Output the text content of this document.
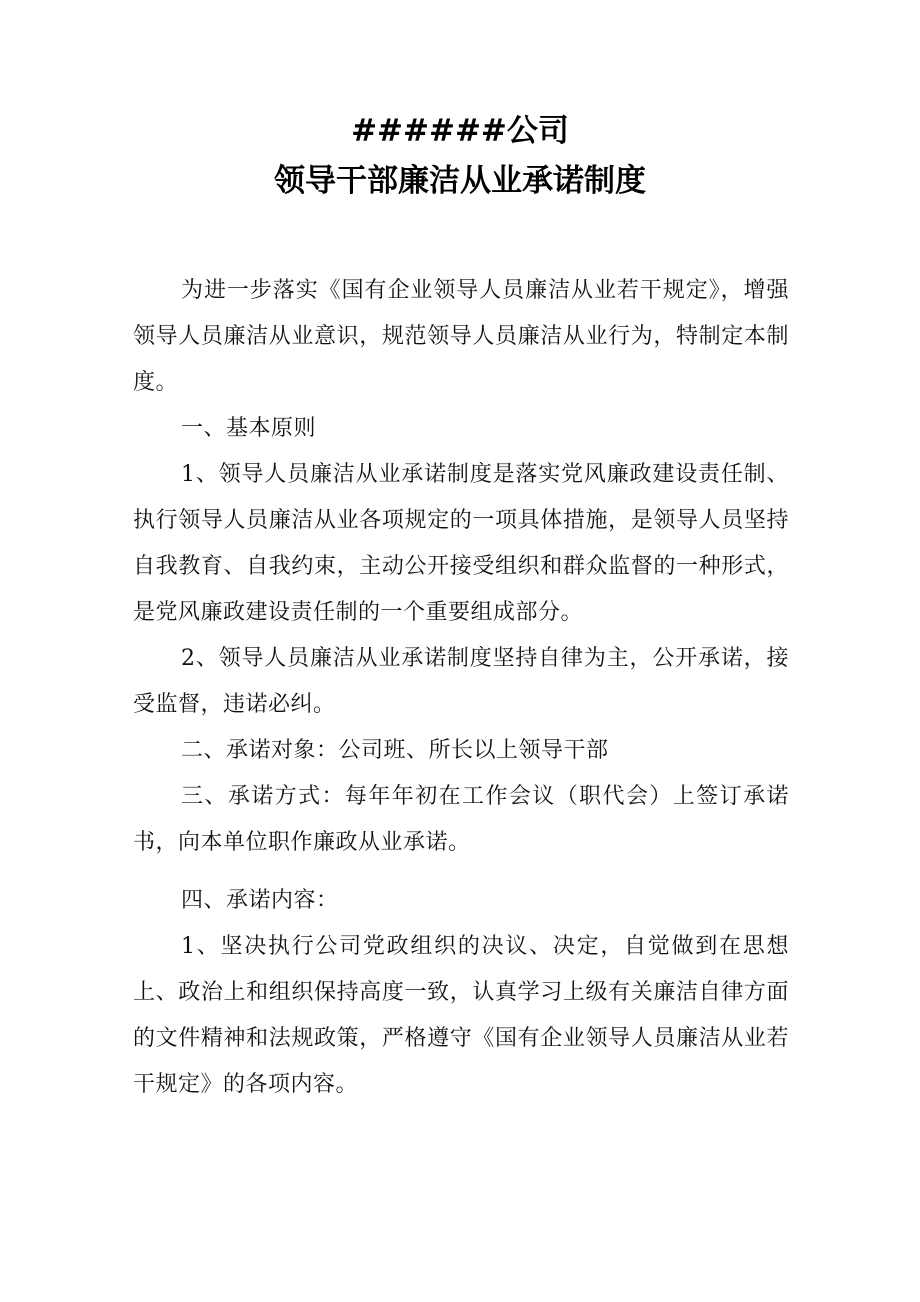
######公司
领导干部廉洁从业承诺制度

为进一步落实《国有企业领导人员廉洁从业若干规定》，增强领导人员廉洁从业意识，规范领导人员廉洁从业行为，特制定本制度。

一、基本原则

1、领导人员廉洁从业承诺制度是落实党风廉政建设责任制、执行领导人员廉洁从业各项规定的一项具体措施，是领导人员坚持自我教育、自我约束，主动公开接受组织和群众监督的一种形式，是党风廉政建设责任制的一个重要组成部分。

2、领导人员廉洁从业承诺制度坚持自律为主，公开承诺，接受监督，违诺必纠。

二、承诺对象：公司班、所长以上领导干部

三、承诺方式：每年年初在工作会议（职代会）上签订承诺书，向本单位职作廉政从业承诺。

四、承诺内容：

1、坚决执行公司党政组织的决议、决定，自觉做到在思想上、政治上和组织保持高度一致，认真学习上级有关廉洁自律方面的文件精神和法规政策，严格遵守《国有企业领导人员廉洁从业若干规定》的各项内容。
